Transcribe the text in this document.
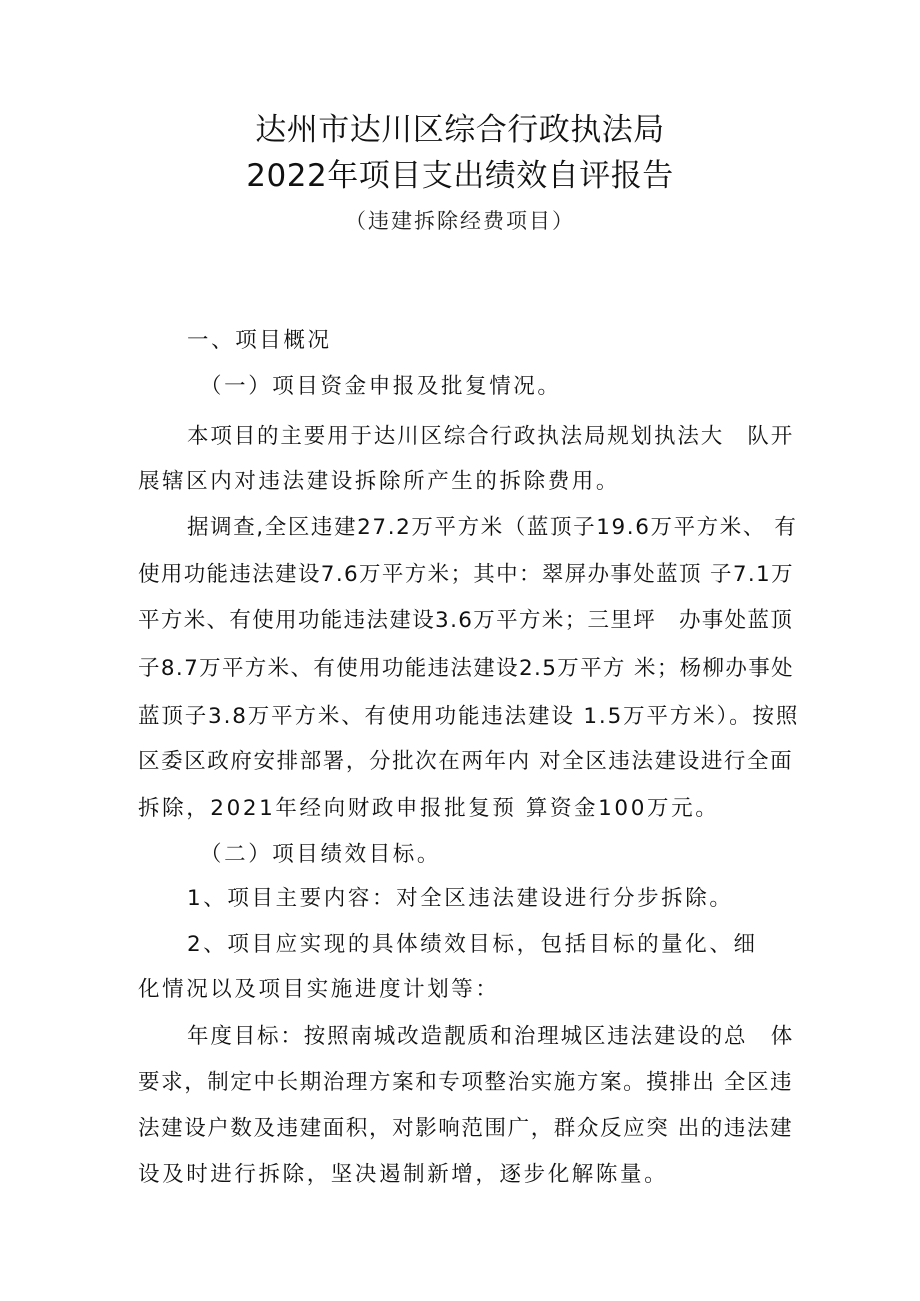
达州市达川区综合行政执法局
2022年项目支出绩效自评报告
（违建拆除经费项目）
一、项目概况
（一）项目资金申报及批复情况。
本项目的主要用于达川区综合行政执法局规划执法大　队开
展辖区内对违法建设拆除所产生的拆除费用。
据调查,全区违建27.2万平方米（蓝顶子19.6万平方米、 有
使用功能违法建设7.6万平方米；其中：翠屏办事处蓝顶 子7.1万
平方米、有使用功能违法建设3.6万平方米；三里坪　办事处蓝顶
子8.7万平方米、有使用功能违法建设2.5万平方 米；杨柳办事处
蓝顶子3.8万平方米、有使用功能违法建设 1.5万平方米）。按照
区委区政府安排部署，分批次在两年内 对全区违法建设进行全面
拆除，2021年经向财政申报批复预 算资金100万元。
（二）项目绩效目标。
1、项目主要内容：对全区违法建设进行分步拆除。
2、项目应实现的具体绩效目标，包括目标的量化、细
化情况以及项目实施进度计划等：
年度目标：按照南城改造靓质和治理城区违法建设的总　体
要求，制定中长期治理方案和专项整治实施方案。摸排出 全区违
法建设户数及违建面积，对影响范围广，群众反应突 出的违法建
设及时进行拆除，坚决遏制新增，逐步化解陈量。
